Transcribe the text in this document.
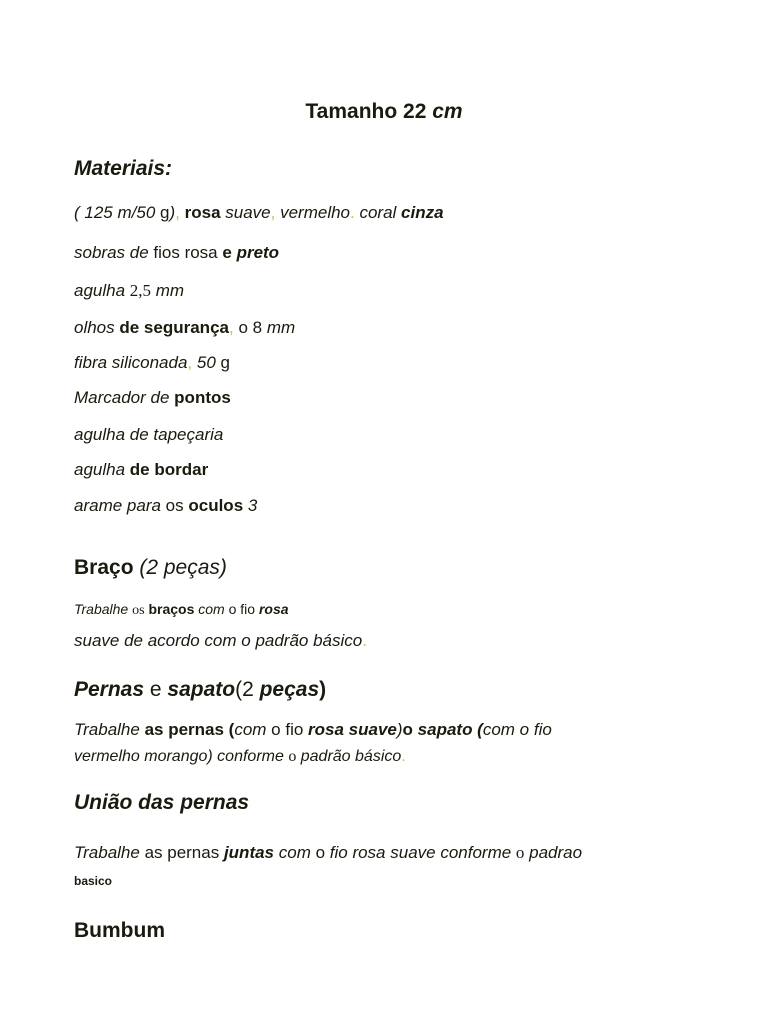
Tamanho 22 cm
Materiais:
( 125 m/50 g), rosa suave, vermelho. coral cinza
sobras de fios rosa e preto
agulha 2,5 mm
olhos de segurança, o 8 mm
fibra siliconada, 50 g
Marcador de pontos
agulha de tapeçaria
agulha de bordar
arame para os oculos 3
Braço (2 peças)
Trabalhe os braços com o fio rosa
suave de acordo com o padrão básico.
Pernas e sapato(2 peças)
Trabalhe as pernas (com o fio rosa suave)o sapato (com o fio
vermelho morango) conforme o padrão básico.
União das pernas
Trabalhe as pernas juntas com o fio rosa suave conforme o padrao
basico
Bumbum
